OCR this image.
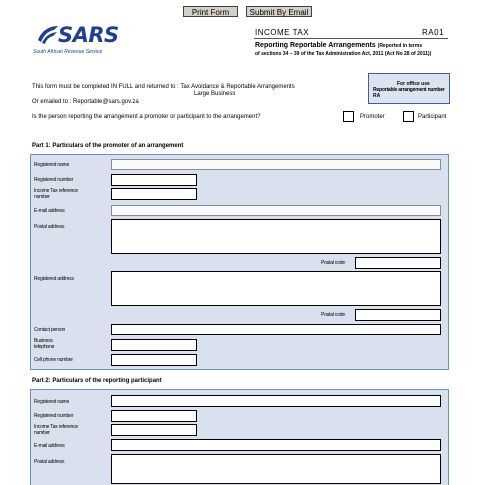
Print Form	Submit By Email
SARS
South African Revenue Service
INCOME TAX	RA01
Reporting Reportable Arrangements (Reported in terms
of sections 34 – 39 of the Tax Administration Act, 2011 (Act No 28 of 2011))
This form must be completed IN FULL and returned to : Tax Avoidance & Reportable Arrangements
Large Business
Or emailed to : Reportable@sars.gov.za
Is the person reporting the arrangement a promoter or participant to the arrangement?
For office use
Reportable arrangement number
RA
Promoter	Participant
Part 1: Particulars of the promoter of an arrangement
Registered name
Registered number
Income Tax reference number
E-mail address
Postal address
Postal code
Registered address
Postal code
Contact person
Business telephone
Cell phone number
Part 2: Particulars of the reporting participant
Registered name
Registered number
Income Tax reference number
E-mail address
Postal address
